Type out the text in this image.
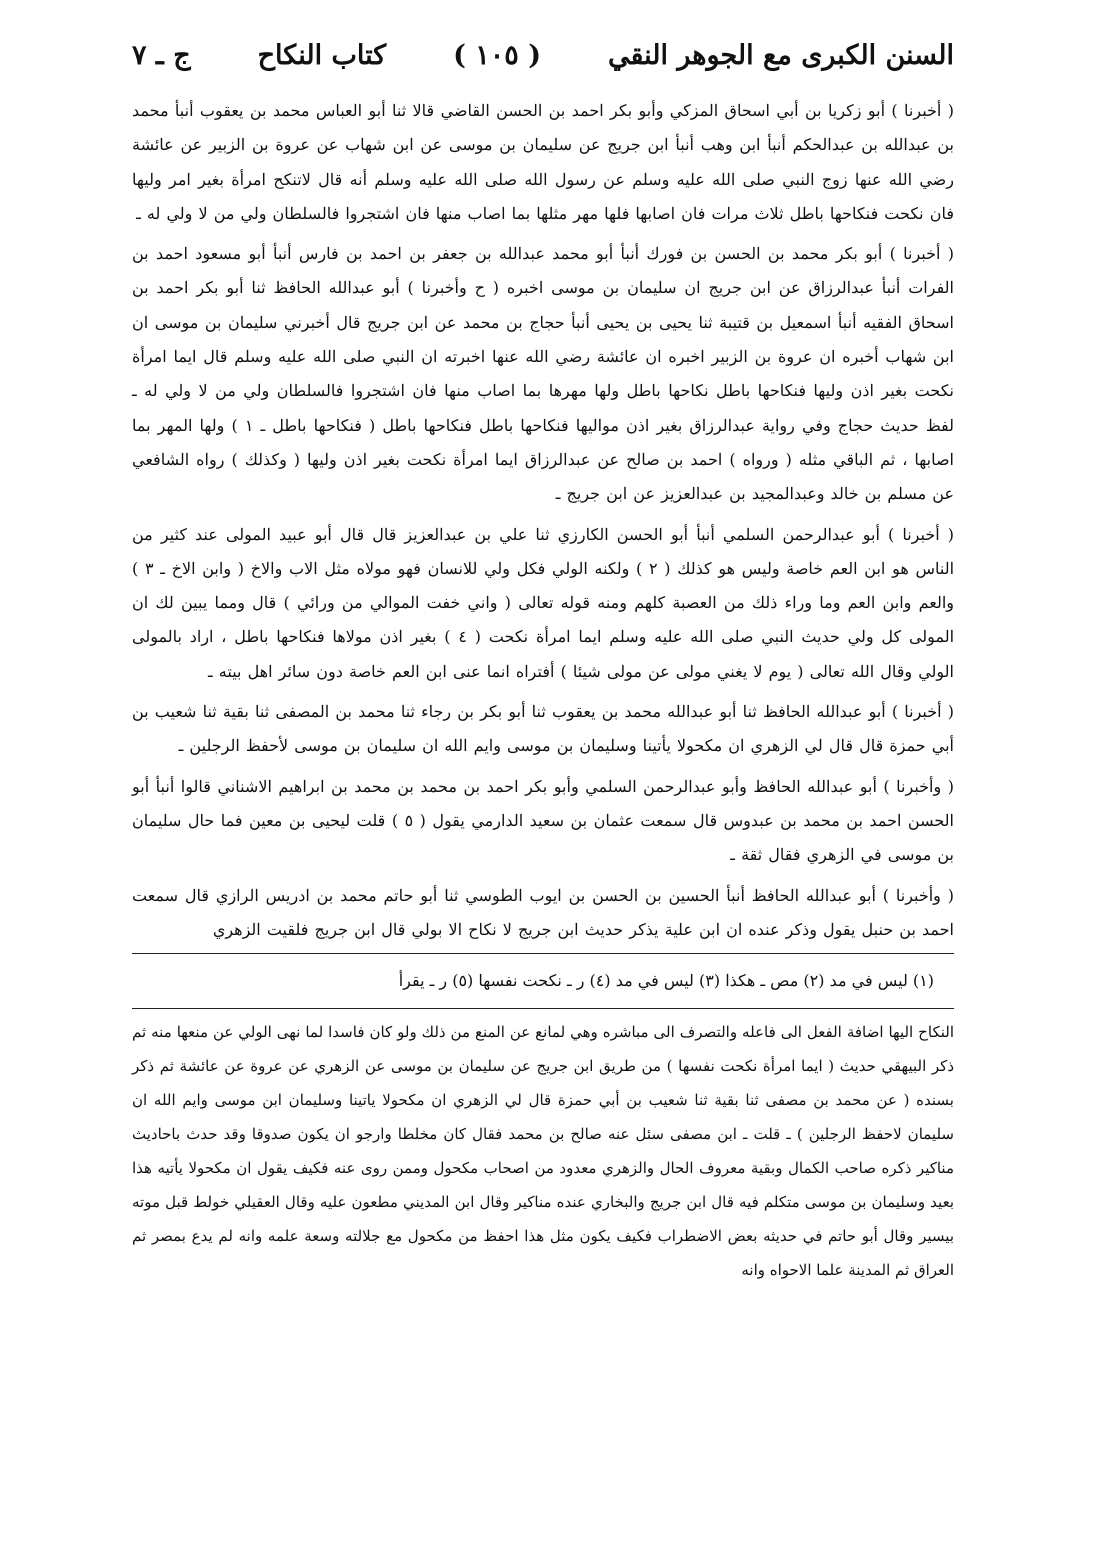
السنن الكبرى مع الجوهر النقي
( ١٠٥ )
كتاب النكاح
ج ـ ٧

( أخبرنا ) أبو زكريا بن أبي اسحاق المزكي وأبو بكر احمد بن الحسن القاضي قالا ثنا أبو العباس محمد بن يعقوب أنبأ محمد بن عبدالله بن عبدالحكم أنبأ ابن وهب أنبأ ابن جريج عن سليمان بن موسى عن ابن شهاب عن عروة بن الزبير عن عائشة رضي الله عنها زوج النبي صلى الله عليه وسلم عن رسول الله صلى الله عليه وسلم أنه قال لاتنكح امرأة بغير امر وليها فان نكحت فنكاحها باطل ثلاث مرات فان اصابها فلها مهر مثلها بما اصاب منها فان اشتجروا فالسلطان ولي من لا ولي له ـ

( أخبرنا ) أبو بكر محمد بن الحسن بن فورك أنبأ أبو محمد عبدالله بن جعفر بن احمد بن فارس أنبأ أبو مسعود احمد بن الفرات أنبأ عبدالرزاق عن ابن جريج ان سليمان بن موسى اخبره ( ح وأخبرنا ) أبو عبدالله الحافظ ثنا أبو بكر احمد بن اسحاق الفقيه أنبأ اسمعيل بن قتيبة ثنا يحيى بن يحيى أنبأ حجاج بن محمد عن ابن جريج قال أخبرني سليمان بن موسى ان ابن شهاب أخبره ان عروة بن الزبير اخبره ان عائشة رضي الله عنها اخبرته ان النبي صلى الله عليه وسلم قال ايما امرأة نكحت بغير اذن وليها فنكاحها باطل نكاحها باطل ولها مهرها بما اصاب منها فان اشتجروا فالسلطان ولي من لا ولي له ـ لفظ حديث حجاج وفي رواية عبدالرزاق بغير اذن مواليها فنكاحها باطل فنكاحها باطل ( فنكاحها باطل ـ ١ ) ولها المهر بما اصابها ، ثم الباقي مثله ( ورواه ) احمد بن صالح عن عبدالرزاق ايما امرأة نكحت بغير اذن وليها ( وكذلك ) رواه الشافعي عن مسلم بن خالد وعبدالمجيد بن عبدالعزيز عن ابن جريج ـ

( أخبرنا ) أبو عبدالرحمن السلمي أنبأ أبو الحسن الكارزي ثنا علي بن عبدالعزيز قال قال أبو عبيد المولى عند كثير من الناس هو ابن العم خاصة وليس هو كذلك ( ٢ ) ولكنه الولي فكل ولي للانسان فهو مولاه مثل الاب والاخ ( وابن الاخ ـ ٣ ) والعم وابن العم وما وراء ذلك من العصبة كلهم ومنه قوله تعالى ( واني خفت الموالي من ورائي ) قال ومما يبين لك ان المولى كل ولي حديث النبي صلى الله عليه وسلم ايما امرأة نكحت ( ٤ ) بغير اذن مولاها فنكاحها باطل ، اراد بالمولى الولي وقال الله تعالى ( يوم لا يغني مولى عن مولى شيئا ) أفتراه انما عنى ابن العم خاصة دون سائر اهل بيته ـ

( أخبرنا ) أبو عبدالله الحافظ ثنا أبو عبدالله محمد بن يعقوب ثنا أبو بكر بن رجاء ثنا محمد بن المصفى ثنا بقية ثنا شعيب بن أبي حمزة قال قال لي الزهري ان مكحولا يأتينا وسليمان بن موسى وايم الله ان سليمان بن موسى لأحفظ الرجلين ـ

( وأخبرنا ) أبو عبدالله الحافظ وأبو عبدالرحمن السلمي وأبو بكر احمد بن محمد بن محمد بن ابراهيم الاشناني قالوا أنبأ أبو الحسن احمد بن محمد بن عبدوس قال سمعت عثمان بن سعيد الدارمي يقول ( ٥ ) قلت ليحيى بن معين فما حال سليمان بن موسى في الزهري فقال ثقة ـ

( وأخبرنا ) أبو عبدالله الحافظ أنبأ الحسين بن الحسن بن ايوب الطوسي ثنا أبو حاتم محمد بن ادريس الرازي قال سمعت احمد بن حنبل يقول وذكر عنده ان ابن علية يذكر حديث ابن جريج لا نكاح الا بولي قال ابن جريج فلقيت الزهري

(١) ليس في مد (٢) مص ـ هكذا (٣) ليس في مد (٤) ر ـ نكحت نفسها (٥) ر ـ يقرأ
النكاح اليها اضافة الفعل الى فاعله والتصرف الى مباشره وهي لمانع عن المنع من ذلك ولو كان فاسدا لما نهى الولي عن منعها منه ثم ذكر البيهقي حديث ( ايما امرأة نكحت نفسها ) من طريق ابن جريج عن سليمان بن موسى عن الزهري عن عروة عن عائشة ثم ذكر بسنده ( عن محمد بن مصفى ثنا بقية ثنا شعيب بن أبي حمزة قال لي الزهري ان مكحولا ياتينا وسليمان ابن موسى وايم الله ان سليمان لاحفظ الرجلين ) ـ قلت ـ ابن مصفى سئل عنه صالح بن محمد فقال كان مخلطا وارجو ان يكون صدوقا وقد حدث باحاديث مناكير ذكره صاحب الكمال وبقية معروف الحال والزهري معدود من اصحاب مكحول وممن روى عنه فكيف يقول ان مكحولا يأتيه هذا بعيد وسليمان بن موسى متكلم فيه قال ابن جريج والبخاري عنده مناكير وقال ابن المديني مطعون عليه وقال العقيلي خولط قبل موته بيسير وقال أبو حاتم في حديثه بعض الاضطراب فكيف يكون مثل هذا احفظ من مكحول مع جلالته وسعة علمه وانه لم يدع بمصر ثم العراق ثم المدينة علما الاحواه وانه
